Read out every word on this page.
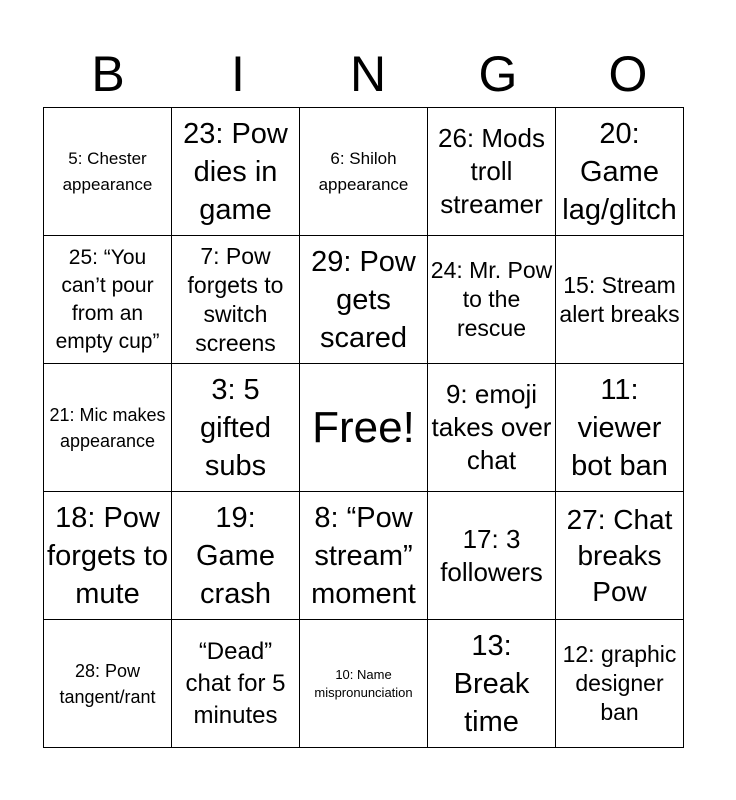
B	I	N	G	O
5: Chester appearance	23: Pow dies in game	6: Shiloh appearance	26: Mods troll streamer	20: Game lag/glitch
25: “You can’t pour from an empty cup”	7: Pow forgets to switch screens	29: Pow gets scared	24: Mr. Pow to the rescue	15: Stream alert breaks
21: Mic makes appearance	3: 5 gifted subs	Free!	9: emoji takes over chat	11: viewer bot ban
18: Pow forgets to mute	19: Game crash	8: “Pow stream” moment	17: 3 followers	27: Chat breaks Pow
28: Pow tangent/rant	“Dead” chat for 5 minutes	10: Name mispronunciation	13: Break time	12: graphic designer ban
